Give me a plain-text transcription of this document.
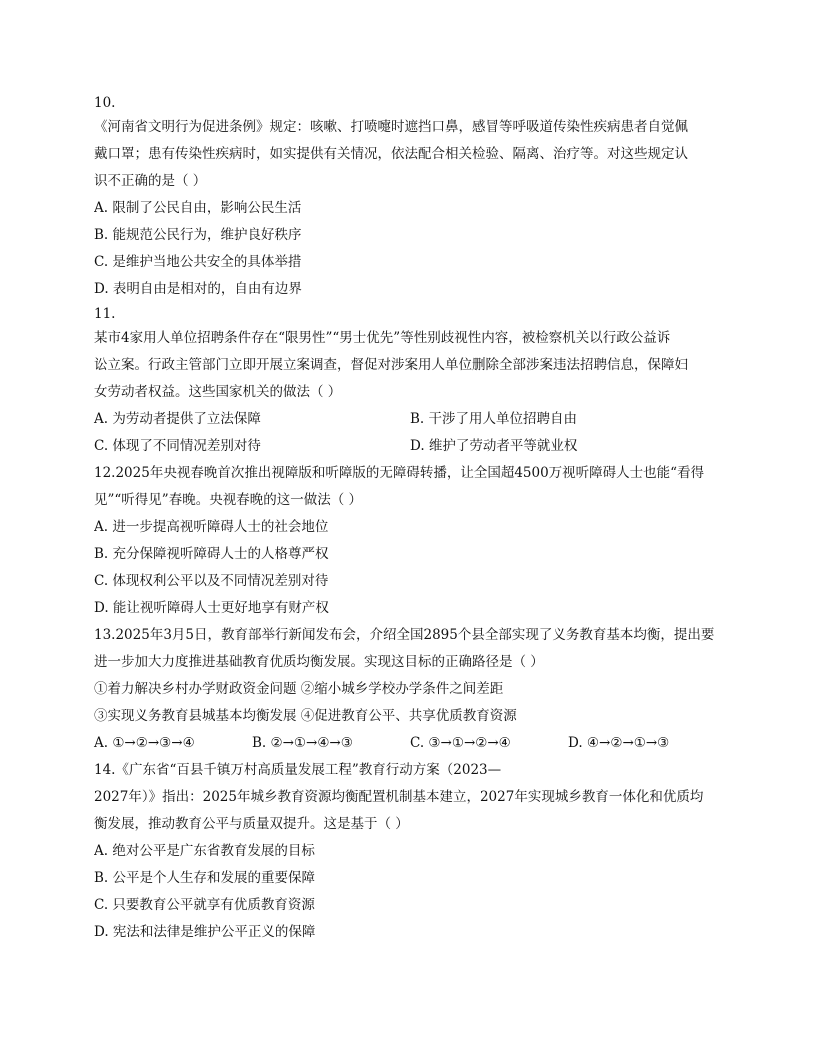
10.
《河南省文明行为促进条例》规定：咳嗽、打喷嚏时遮挡口鼻，感冒等呼吸道传染性疾病患者自觉佩
戴口罩；患有传染性疾病时，如实提供有关情况，依法配合相关检验、隔离、治疗等。对这些规定认
识不正确的是（ ）
A. 限制了公民自由，影响公民生活
B. 能规范公民行为，维护良好秩序
C. 是维护当地公共安全的具体举措
D. 表明自由是相对的，自由有边界
11.
某市4家用人单位招聘条件存在“限男性”“男士优先”等性别歧视性内容，被检察机关以行政公益诉
讼立案。行政主管部门立即开展立案调查，督促对涉案用人单位删除全部涉案违法招聘信息，保障妇
女劳动者权益。这些国家机关的做法（ ）
A. 为劳动者提供了立法保障	B. 干涉了用人单位招聘自由
C. 体现了不同情况差别对待	D. 维护了劳动者平等就业权
12.2025年央视春晚首次推出视障版和听障版的无障碍转播，让全国超4500万视听障碍人士也能“看得
见”“听得见”春晚。央视春晚的这一做法（ ）
A. 进一步提高视听障碍人士的社会地位
B. 充分保障视听障碍人士的人格尊严权
C. 体现权利公平以及不同情况差别对待
D. 能让视听障碍人士更好地享有财产权
13.2025年3月5日，教育部举行新闻发布会，介绍全国2895个县全部实现了义务教育基本均衡，提出要
进一步加大力度推进基础教育优质均衡发展。实现这目标的正确路径是（ ）
①着力解决乡村办学财政资金问题 ②缩小城乡学校办学条件之间差距
③实现义务教育县城基本均衡发展 ④促进教育公平、共享优质教育资源
A. ①→②→③→④	B. ②→①→④→③	C. ③→①→②→④	D. ④→②→①→③
14.《广东省“百县千镇万村高质量发展工程”教育行动方案（2023—
2027年）》指出：2025年城乡教育资源均衡配置机制基本建立，2027年实现城乡教育一体化和优质均
衡发展，推动教育公平与质量双提升。这是基于（ ）
A. 绝对公平是广东省教育发展的目标
B. 公平是个人生存和发展的重要保障
C. 只要教育公平就享有优质教育资源
D. 宪法和法律是维护公平正义的保障
